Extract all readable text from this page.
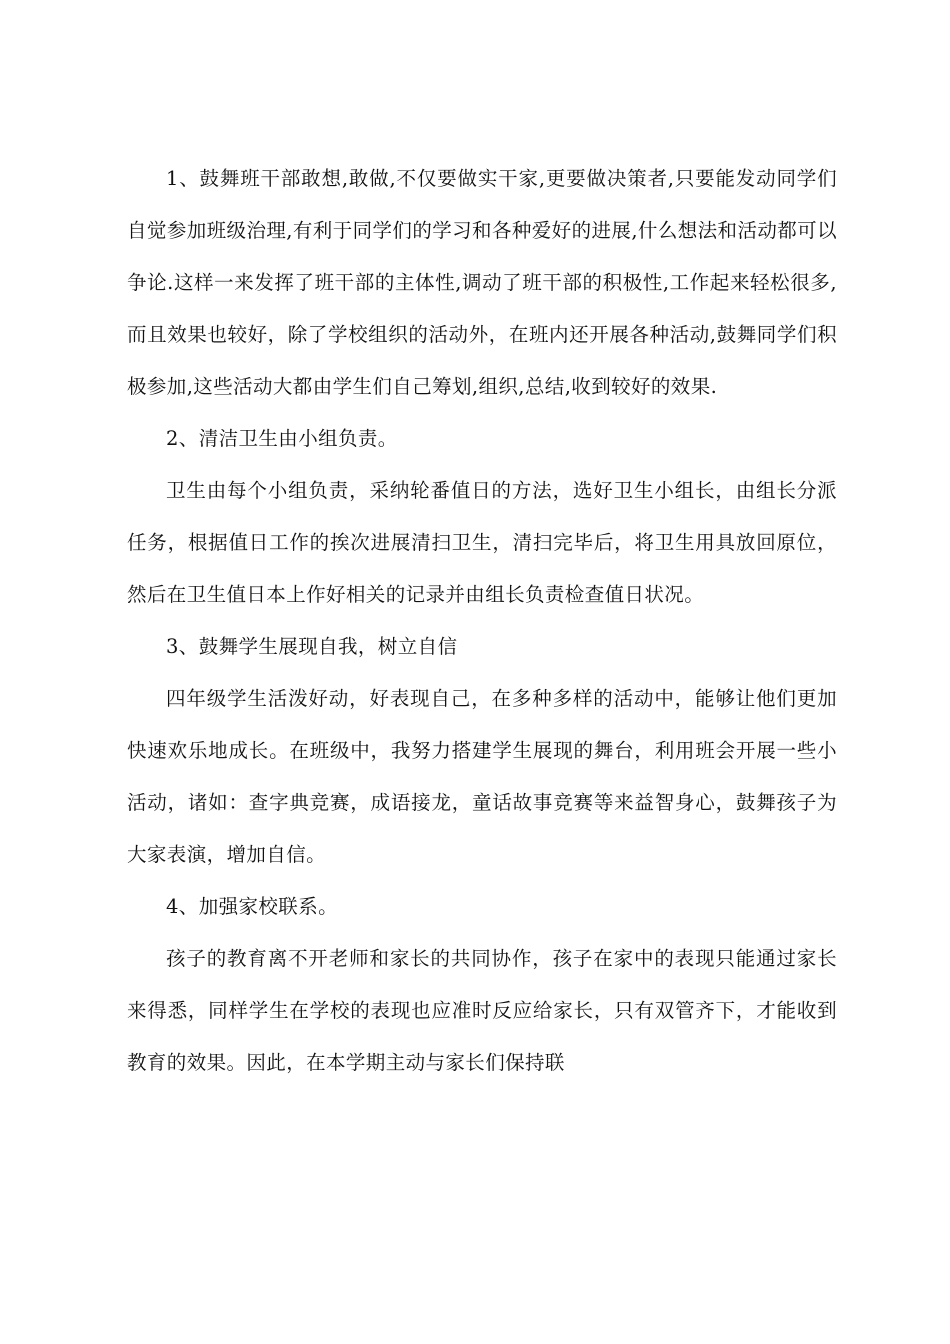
1、鼓舞班干部敢想,敢做,不仅要做实干家,更要做决策者,只要能发动同学们自觉参加班级治理,有利于同学们的学习和各种爱好的进展,什么想法和活动都可以争论.这样一来发挥了班干部的主体性,调动了班干部的积极性,工作起来轻松很多,而且效果也较好，除了学校组织的活动外，在班内还开展各种活动,鼓舞同学们积极参加,这些活动大都由学生们自己筹划,组织,总结,收到较好的效果.

2、清洁卫生由小组负责。

卫生由每个小组负责，采纳轮番值日的方法，选好卫生小组长，由组长分派任务，根据值日工作的挨次进展清扫卫生，清扫完毕后，将卫生用具放回原位，然后在卫生值日本上作好相关的记录并由组长负责检查值日状况。

3、鼓舞学生展现自我，树立自信

四年级学生活泼好动，好表现自己，在多种多样的活动中，能够让他们更加快速欢乐地成长。在班级中，我努力搭建学生展现的舞台，利用班会开展一些小活动，诸如：查字典竞赛，成语接龙，童话故事竞赛等来益智身心，鼓舞孩子为大家表演，增加自信。

4、加强家校联系。

孩子的教育离不开老师和家长的共同协作，孩子在家中的表现只能通过家长来得悉，同样学生在学校的表现也应准时反应给家长，只有双管齐下，才能收到教育的效果。因此，在本学期主动与家长们保持联
